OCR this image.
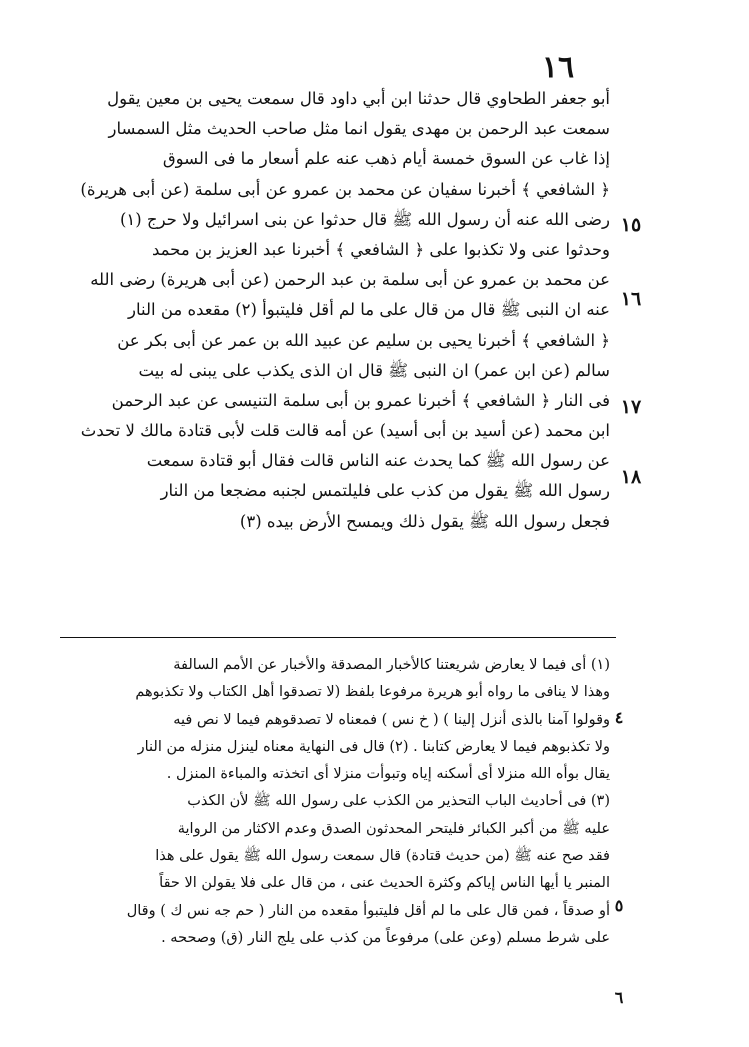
١٦
أبو جعفر الطحاوي قال حدثنا ابن أبي داود قال سمعت يحيى بن معين يقول
سمعت عبد الرحمن بن مهدى يقول انما مثل صاحب الحديث مثل السمسار
إذا غاب عن السوق خمسة أيام ذهب عنه علم أسعار ما فى السوق
﴿ الشافعي ﴾ أخبرنا سفيان عن محمد بن عمرو عن أبى سلمة (عن أبى هريرة)
رضى الله عنه أن رسول الله ﷺ قال حدثوا عن بنى اسرائيل ولا حرج (١)
وحدثوا عنى ولا تكذبوا على ﴿ الشافعي ﴾ أخبرنا عبد العزيز بن محمد
عن محمد بن عمرو عن أبى سلمة بن عبد الرحمن (عن أبى هريرة) رضى الله
عنه ان النبى ﷺ قال من قال على ما لم أقل فليتبوأ (٢) مقعده من النار
﴿ الشافعي ﴾ أخبرنا يحيى بن سليم عن عبيد الله بن عمر عن أبى بكر عن
سالم (عن ابن عمر) ان النبى ﷺ قال ان الذى يكذب على يبنى له بيت
فى النار ﴿ الشافعي ﴾ أخبرنا عمرو بن أبى سلمة التنيسى عن عبد الرحمن
ابن محمد (عن أسيد بن أبى أسيد) عن أمه قالت قلت لأبى قتادة مالك لا تحدث
عن رسول الله ﷺ كما يحدث عنه الناس قالت فقال أبو قتادة سمعت
رسول الله ﷺ يقول من كذب على فليلتمس لجنبه مضجعا من النار
فجعل رسول الله ﷺ يقول ذلك ويمسح الأرض بيده (٣)
١٥
١٦
١٧
١٨
(١) أى فيما لا يعارض شريعتنا كالأخبار المصدقة والأخبار عن الأمم السالفة
وهذا لا ينافى ما رواه أبو هريرة مرفوعا بلفظ (لا تصدقوا أهل الكتاب ولا تكذبوهم
وقولوا آمنا بالذى أنزل إلينا ) ( خ نس ) فمعناه لا تصدقوهم فيما لا نص فيه
ولا تكذبوهم فيما لا يعارض كتابنا . (٢) قال فى النهاية معناه لينزل منزله من النار
يقال بوأه الله منزلا أى أسكنه إياه وتبوأت منزلا أى اتخذته والمباءة المنزل .
(٣) فى أحاديث الباب التحذير من الكذب على رسول الله ﷺ لأن الكذب
عليه ﷺ من أكبر الكبائر فليتحر المحدثون الصدق وعدم الاكثار من الرواية
فقد صح عنه ﷺ (من حديث قتادة) قال سمعت رسول الله ﷺ يقول على هذا
المنبر يا أيها الناس إياكم وكثرة الحديث عنى ، من قال على فلا يقولن الا حقاً
أو صدقاً ، فمن قال على ما لم أقل فليتبوأ مقعده من النار ( حم جه نس ك ) وقال
على شرط مسلم (وعن على) مرفوعاً من كذب على يلج النار (ق) وصححه .
٤
٥
٦
